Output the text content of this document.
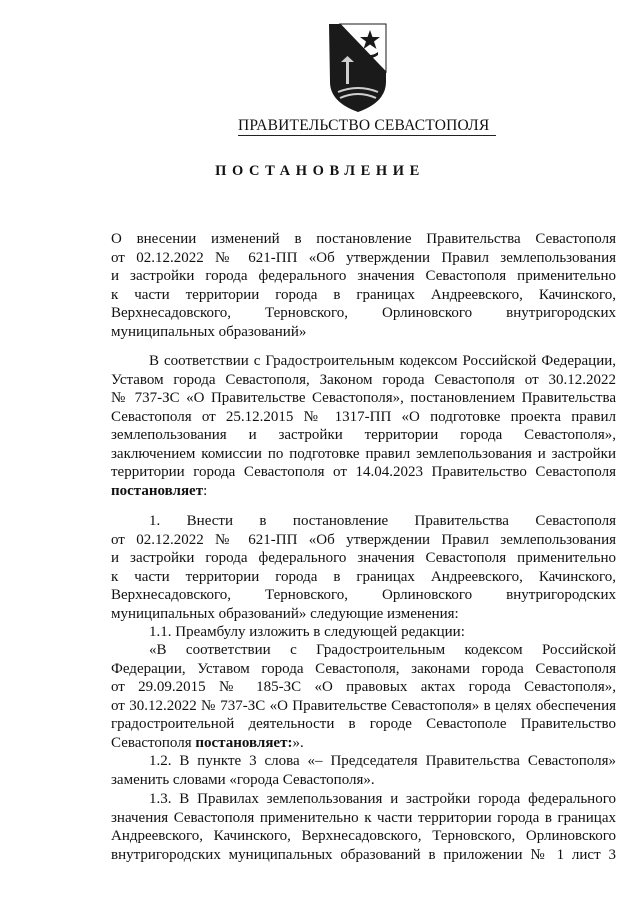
ПРАВИТЕЛЬСТВО СЕВАСТОПОЛЯ
ПОСТАНОВЛЕНИЕ
О внесении изменений в постановление Правительства Севастополя
от 02.12.2022 № 621-ПП «Об утверждении Правил землепользования
и застройки города федерального значения Севастополя применительно
к части территории города в границах Андреевского, Качинского,
Верхнесадовского, Терновского, Орлиновского внутригородских
муниципальных образований»
В соответствии с Градостроительным кодексом Российской Федерации,
Уставом города Севастополя, Законом города Севастополя от 30.12.2022
№ 737-ЗС «О Правительстве Севастополя», постановлением Правительства
Севастополя от 25.12.2015 № 1317-ПП «О подготовке проекта правил
землепользования и застройки территории города Севастополя»,
заключением комиссии по подготовке правил землепользования и застройки
территории города Севастополя от 14.04.2023 Правительство Севастополя
постановляет:
1. Внести в постановление Правительства Севастополя
от 02.12.2022 № 621-ПП «Об утверждении Правил землепользования
и застройки города федерального значения Севастополя применительно
к части территории города в границах Андреевского, Качинского,
Верхнесадовского, Терновского, Орлиновского внутригородских
муниципальных образований» следующие изменения:
1.1. Преамбулу изложить в следующей редакции:
«В соответствии с Градостроительным кодексом Российской
Федерации, Уставом города Севастополя, законами города Севастополя
от 29.09.2015 № 185-ЗС «О правовых актах города Севастополя»,
от 30.12.2022 № 737-ЗС «О Правительстве Севастополя» в целях обеспечения
градостроительной деятельности в городе Севастополе Правительство
Севастополя постановляет:».
1.2. В пункте 3 слова «– Председателя Правительства Севастополя»
заменить словами «города Севастополя».
1.3. В Правилах землепользования и застройки города федерального
значения Севастополя применительно к части территории города в границах
Андреевского, Качинского, Верхнесадовского, Терновского, Орлиновского
внутригородских муниципальных образований в приложении № 1 лист 3
